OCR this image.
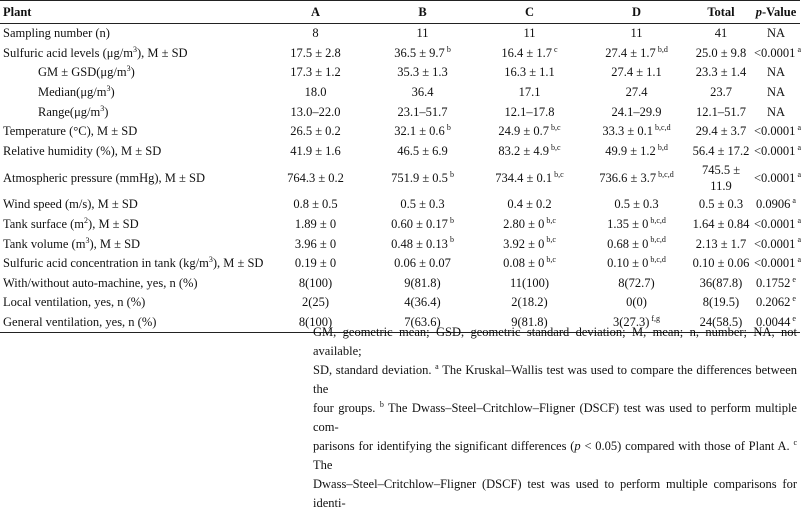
Plant	A	B	C	D	Total	p-Value
Sampling number (n)	8	11	11	11	41	NA
Sulfuric acid levels $(\mu g/m^3)$, M ± SD	17.5 ± 2.8	36.5 ± 9.7 $^b$	16.4 ± 1.7 $^c$	27.4 ± 1.7 $^{b,d}$	25.0 ± 9.8	<0.0001 $^a$
GM ± $GSD(\mu g/m^3)$	17.3 ± 1.2	35.3 ± 1.3	16.3 ± 1.1	27.4 ± 1.1	23.3 ± 1.4	NA
$Median(\mu g/m^3)$	18.0	36.4	17.1	27.4	23.7	NA
$Range(\mu g/m^3)$	13.0–22.0	23.1–51.7	12.1–17.8	24.1–29.9	12.1–51.7	NA
Temperature (°C), M ± SD	26.5 ± 0.2	32.1 ± 0.6 $^b$	24.9 ± 0.7 $^{b,c}$	33.3 ± 0.1 $^{b,c,d}$	29.4 ± 3.7	<0.0001 $^a$
Relative humidity (%), M ± SD	41.9 ± 1.6	46.5 ± 6.9	83.2 ± 4.9 $^{b,c}$	49.9 ± 1.2 $^{b,d}$	56.4 ± 17.2	<0.0001 $^a$
Atmospheric pressure (mmHg), M ± SD	764.3 ± 0.2	751.9 ± 0.5 $^b$	734.4 ± 0.1 $^{b,c}$	736.6 ± 3.7 $^{b,c,d}$	745.5 ± 11.9	<0.0001 $^a$
Wind speed (m/s), M ± SD	0.8 ± 0.5	0.5 ± 0.3	0.4 ± 0.2	0.5 ± 0.3	0.5 ± 0.3	0.0906 $^a$
Tank surface $(m^2)$, M ± SD	1.89 ± 0	0.60 ± 0.17 $^b$	2.80 ± 0 $^{b,c}$	1.35 ± 0 $^{b,c,d}$	1.64 ± 0.84	<0.0001 $^a$
Tank volume $(m^3)$, M ± SD	3.96 ± 0	0.48 ± 0.13 $^b$	3.92 ± 0 $^{b,c}$	0.68 ± 0 $^{b,c,d}$	2.13 ± 1.7	<0.0001 $^a$
Sulfuric acid concentration in tank $(kg/m^3)$, M ± SD	0.19 ± 0	0.06 ± 0.07	0.08 ± 0 $^{b,c}$	0.10 ± 0 $^{b,c,d}$	0.10 ± 0.06	<0.0001 $^a$
With/without auto-machine, yes, n (%)	8(100)	9(81.8)	11(100)	8(72.7)	36(87.8)	0.1752 $^e$
Local ventilation, yes, n (%)	2(25)	4(36.4)	2(18.2)	0(0)	8(19.5)	0.2062 $^e$
General ventilation, yes, n (%)	8(100)	7(63.6)	9(81.8)	3(27.3) $^{f,g}$	24(58.5)	0.0044 $^e$
GM, geometric mean; GSD, geometric standard deviation; M, mean; n, number; NA, not available;
SD, standard deviation. $^a$ The Kruskal–Wallis test was used to compare the differences between the
four groups. $^b$ The Dwass–Steel–Critchlow–Fligner (DSCF) test was used to perform multiple com-
parisons for identifying the significant differences (p < 0.05) compared with those of Plant A. $^c$ The
Dwass–Steel–Critchlow–Fligner (DSCF) test was used to perform multiple comparisons for identi-
